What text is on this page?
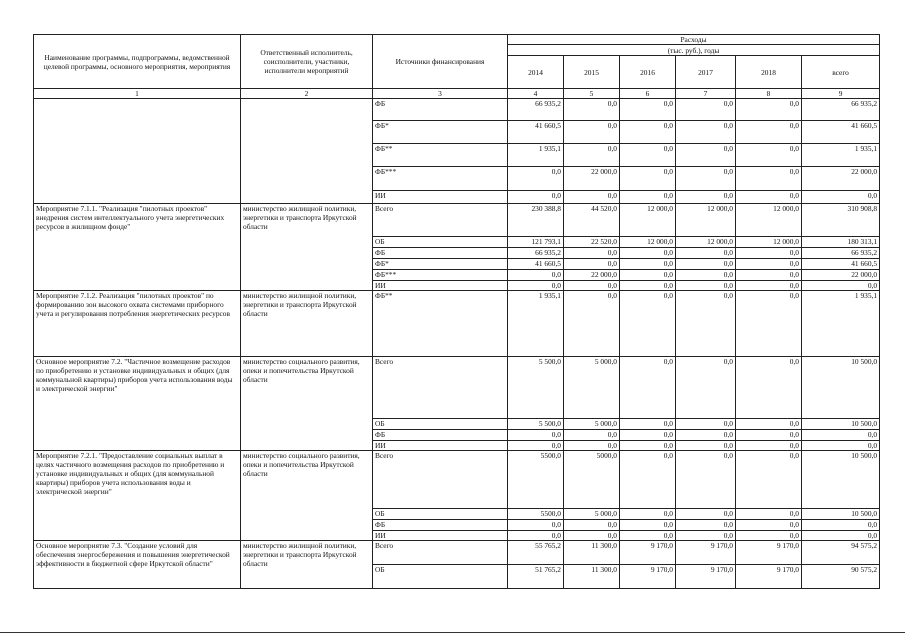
Наименование программы, подпрограммы, ведомственной целевой программы, основного мероприятия, мероприятия	Ответственный исполнитель, соисполнители, участники, исполнители мероприятий	Источники финансирования	Расходы					
			(тыс. руб.), годы					
			2014	2015	2016	2017	2018	всего
1	2	3	4	5	6	7	8	9
		ФБ	66 935,2	0,0	0,0	0,0	0,0	66 935,2
		ФБ*	41 660,5	0,0	0,0	0,0	0,0	41 660,5
		ФБ**	1 935,1	0,0	0,0	0,0	0,0	1 935,1
		ФБ***	0,0	22 000,0	0,0	0,0	0,0	22 000,0
		ИИ	0,0	0,0	0,0	0,0	0,0	0,0
Мероприятие 7.1.1. "Реализация "пилотных проектов" внедрения систем интеллектуального учета энергетических ресурсов в жилищном фонде"	министерство жилищной политики, энергетики и транспорта Иркутской области	Всего	230 388,8	44 520,0	12 000,0	12 000,0	12 000,0	310 908,8
		ОБ	121 793,1	22 520,0	12 000,0	12 000,0	12 000,0	180 313,1
		ФБ	66 935,2	0,0	0,0	0,0	0,0	66 935,2
		ФБ*	41 660,5	0,0	0,0	0,0	0,0	41 660,5
		ФБ***	0,0	22 000,0	0,0	0,0	0,0	22 000,0
		ИИ	0,0	0,0	0,0	0,0	0,0	0,0
Мероприятие 7.1.2. Реализация "пилотных проектов" по формированию зон высокого охвата системами приборного учета и регулирования потребления энергетических ресурсов	министерство жилищной политики, энергетики и транспорта Иркутской области	ФБ**	1 935,1	0,0	0,0	0,0	0,0	1 935,1
Основное мероприятие 7.2. "Частичное возмещение расходов по приобретению и установке индивидуальных и общих (для коммунальной квартиры) приборов учета использования воды и электрической энергии"	министерство социального развития, опеки и попечительства Иркутской области	Всего	5 500,0	5 000,0	0,0	0,0	0,0	10 500,0
		ОБ	5 500,0	5 000,0	0,0	0,0	0,0	10 500,0
		ФБ	0,0	0,0	0,0	0,0	0,0	0,0
		ИИ	0,0	0,0	0,0	0,0	0,0	0,0
Мероприятие 7.2.1. "Предоставление социальных выплат в целях частичного возмещения расходов по приобретению и установке индивидуальных и общих (для коммунальной квартиры) приборов учета использования воды и электрической энергии"	министерство социального развития, опеки и попечительства Иркутской области	Всего	5500,0	5000,0	0,0	0,0	0,0	10 500,0
		ОБ	5500,0	5 000,0	0,0	0,0	0,0	10 500,0
		ФБ	0,0	0,0	0,0	0,0	0,0	0,0
		ИИ	0,0	0,0	0,0	0,0	0,0	0,0
Основное мероприятие 7.3. "Создание условий для обеспечения энергосбережения и повышения энергетической эффективности в бюджетной сфере Иркутской области"	министерство жилищной политики, энергетики и транспорта Иркутской области	Всего	55 765,2	11 300,0	9 170,0	9 170,0	9 170,0	94 575,2
		ОБ	51 765,2	11 300,0	9 170,0	9 170,0	9 170,0	90 575,2
